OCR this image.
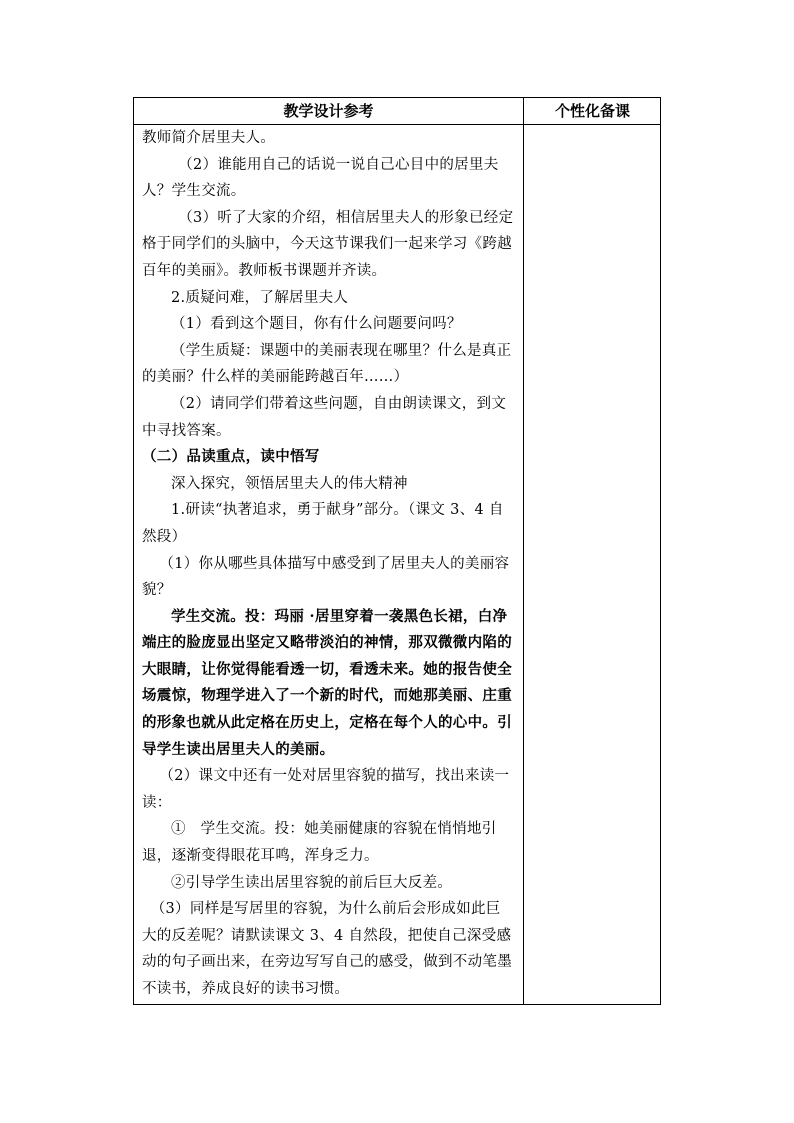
教学设计参考	个性化备课

教师简介居里夫人。

（2）谁能用自己的话说一说自己心目中的居里夫人？学生交流。

（3）听了大家的介绍，相信居里夫人的形象已经定格于同学们的头脑中，今天这节课我们一起来学习《跨越百年的美丽》。教师板书课题并齐读。

2.质疑问难，了解居里夫人

（1）看到这个题目，你有什么问题要问吗？

（学生质疑：课题中的美丽表现在哪里？什么是真正的美丽？什么样的美丽能跨越百年……）

（2）请同学们带着这些问题，自由朗读课文，到文中寻找答案。

（二）品读重点，读中悟写

深入探究，领悟居里夫人的伟大精神

1.研读“执著追求，勇于献身”部分。（课文 3、4 自然段）

（1）你从哪些具体描写中感受到了居里夫人的美丽容貌？

学生交流。投：玛丽 ·居里穿着一袭黑色长裙，白净端庄的脸庞显出坚定又略带淡泊的神情，那双微微内陷的大眼睛，让你觉得能看透一切，看透未来。她的报告使全场震惊，物理学进入了一个新的时代，而她那美丽、庄重的形象也就从此定格在历史上，定格在每个人的心中。引导学生读出居里夫人的美丽。

（2）课文中还有一处对居里容貌的描写，找出来读一读：

①　学生交流。投：她美丽健康的容貌在悄悄地引退，逐渐变得眼花耳鸣，浑身乏力。

②引导学生读出居里容貌的前后巨大反差。

（3）同样是写居里的容貌，为什么前后会形成如此巨大的反差呢？请默读课文 3、4 自然段，把使自己深受感动的句子画出来，在旁边写写自己的感受，做到不动笔墨不读书，养成良好的读书习惯。
